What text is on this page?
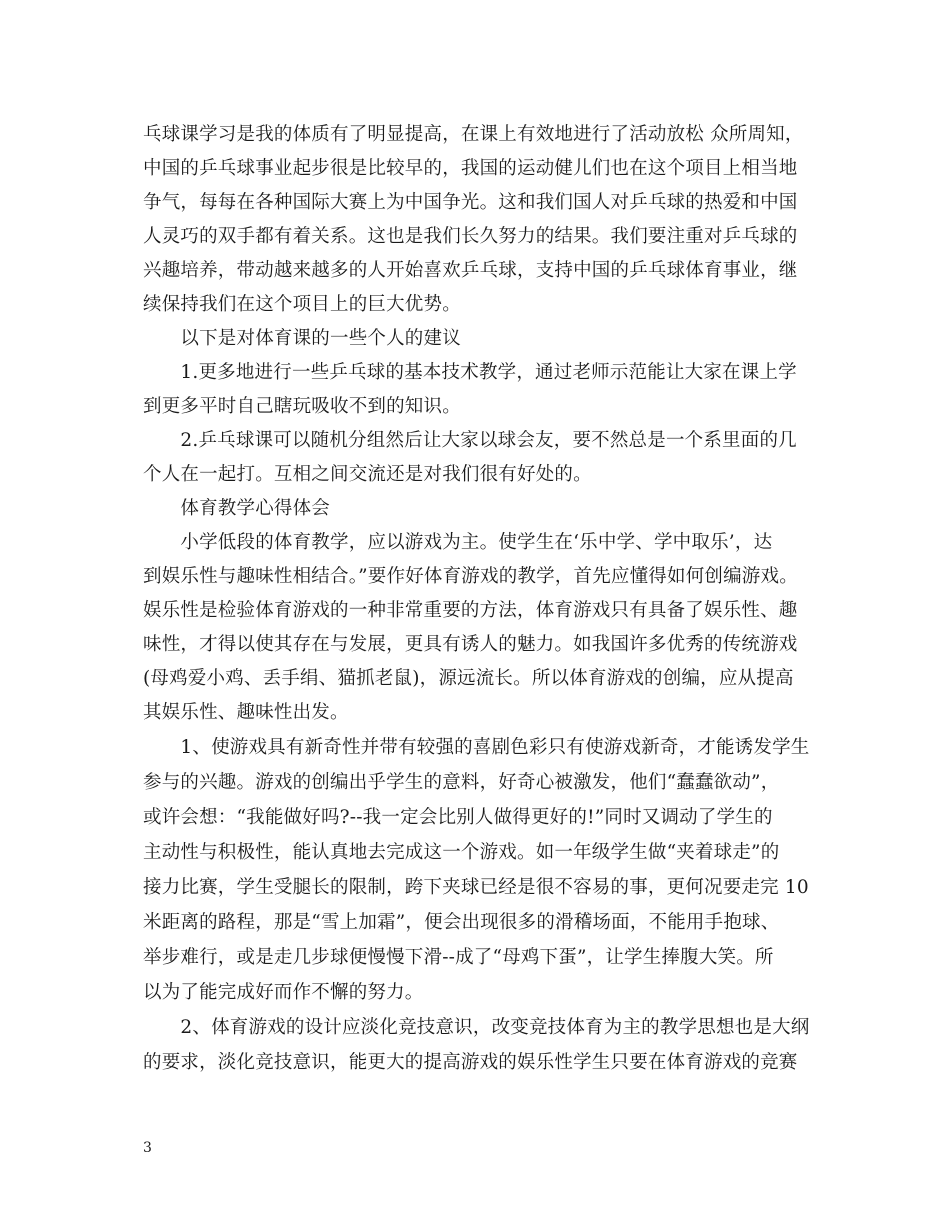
乓球课学习是我的体质有了明显提高，在课上有效地进行了活动放松 众所周知，
中国的乒乓球事业起步很是比较早的，我国的运动健儿们也在这个项目上相当地
争气，每每在各种国际大赛上为中国争光。这和我们国人对乒乓球的热爱和中国
人灵巧的双手都有着关系。这也是我们长久努力的结果。我们要注重对乒乓球的
兴趣培养，带动越来越多的人开始喜欢乒乓球，支持中国的乒乓球体育事业，继
续保持我们在这个项目上的巨大优势。
　　以下是对体育课的一些个人的建议
　　1.更多地进行一些乒乓球的基本技术教学，通过老师示范能让大家在课上学
到更多平时自己瞎玩吸收不到的知识。
　　2.乒乓球课可以随机分组然后让大家以球会友，要不然总是一个系里面的几
个人在一起打。互相之间交流还是对我们很有好处的。
　　体育教学心得体会
　　小学低段的体育教学，应以游戏为主。使学生在‘乐中学、学中取乐’，达
到娱乐性与趣味性相结合。”要作好体育游戏的教学，首先应懂得如何创编游戏。
娱乐性是检验体育游戏的一种非常重要的方法，体育游戏只有具备了娱乐性、趣
味性，才得以使其存在与发展，更具有诱人的魅力。如我国许多优秀的传统游戏
(母鸡爱小鸡、丢手绢、猫抓老鼠)，源远流长。所以体育游戏的创编，应从提高
其娱乐性、趣味性出发。
　　1、使游戏具有新奇性并带有较强的喜剧色彩只有使游戏新奇，才能诱发学生
参与的兴趣。游戏的创编出乎学生的意料，好奇心被激发，他们“蠢蠢欲动”，
或许会想：“我能做好吗?--我一定会比别人做得更好的!”同时又调动了学生的
主动性与积极性，能认真地去完成这一个游戏。如一年级学生做“夹着球走”的
接力比赛，学生受腿长的限制，跨下夹球已经是很不容易的事，更何况要走完 10
米距离的路程，那是“雪上加霜”，便会出现很多的滑稽场面，不能用手抱球、
举步难行，或是走几步球便慢慢下滑--成了“母鸡下蛋”，让学生捧腹大笑。所
以为了能完成好而作不懈的努力。
　　2、体育游戏的设计应淡化竞技意识，改变竞技体育为主的教学思想也是大纲
的要求，淡化竞技意识，能更大的提高游戏的娱乐性学生只要在体育游戏的竞赛
3
